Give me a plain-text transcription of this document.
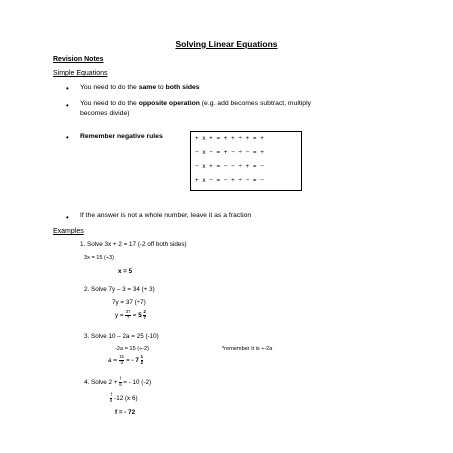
Solving Linear Equations
Revision Notes
Simple Equations
• You need to do the same to both sides
• You need to do the opposite operation (e.g. add becomes subtract, multiply
becomes divide)
• Remember negative rules	+ x + = + + ÷ + = +
− x − = + − ÷ − = +
− x + = − − ÷ + = −
+ x − = − + ÷ − = −
• If the answer is not a whole number, leave it as a fraction
Examples
1. Solve 3x + 2 = 17 (-2 off both sides)
3x = 15 (÷3)
x = 5
2. Solve 7y – 3 = 34 (+ 3)
7y = 37 (÷7)
$y = \frac{37}{7} = 5 \frac{2}{7}$
3. Solve 10 – 2a = 25 (-10)
-2a = 15 (÷-2)	*remember it is ÷-2a
$a = \frac{15}{-2}$ = - $7 \frac{1}{2}$
4. Solve $2 + \frac{f}{6}$ = - 10 (-2)
$\frac{f}{6} -12$ (x 6)
f = - 72
